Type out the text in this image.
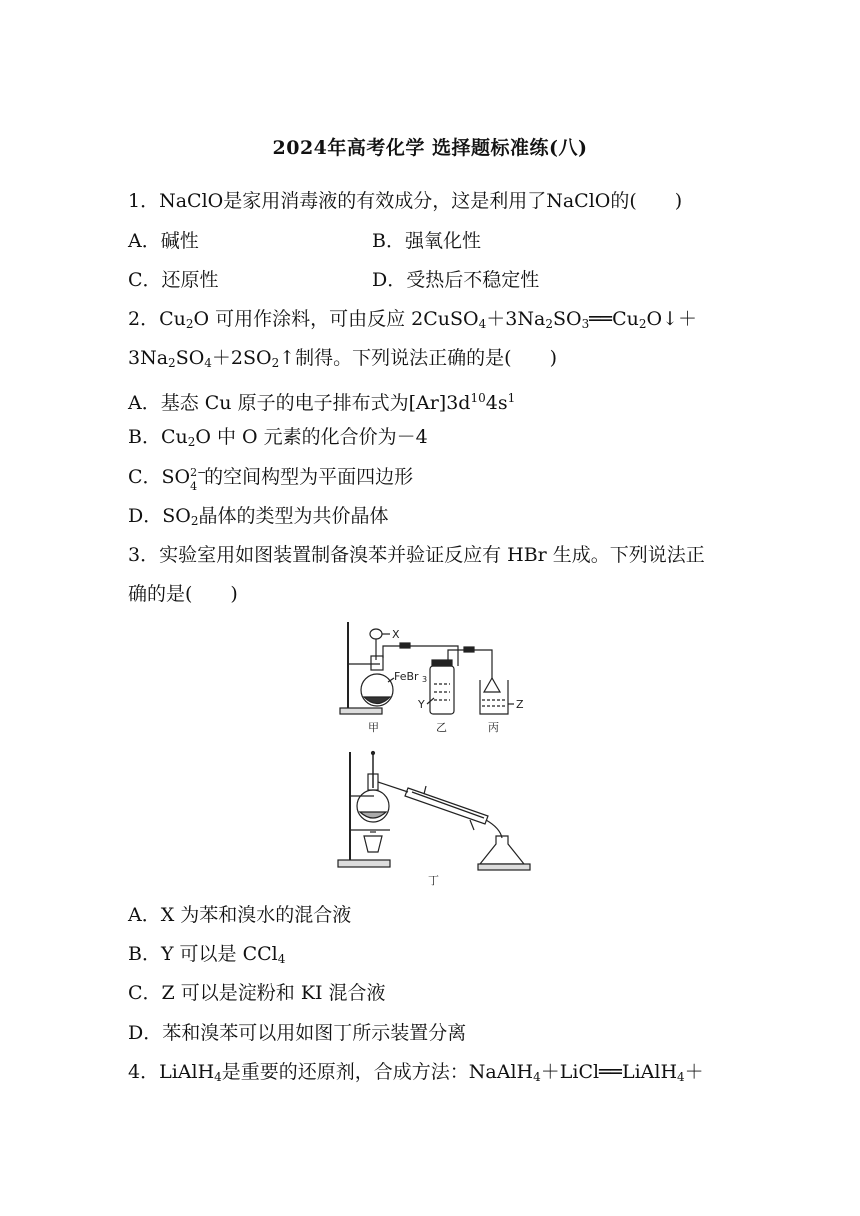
2024年高考化学 选择题标准练(八)
1．NaClO是家用消毒液的有效成分，这是利用了NaClO的(　　)
A．碱性	B．强氧化性
C．还原性	D．受热后不稳定性
2．$Cu_2O$ 可用作涂料，可由反应 $2CuSO_4+3Na_2SO_3══Cu_2O↓+$
$3Na_2SO_4+2SO_2↑$制得。下列说法正确的是(　　)
A．基态 Cu 原子的电子排布式为$[Ar]3d^{10}4s^1$
B．$Cu_2O$ 中 O 元素的化合价为－4
C．SO 2−
4 的空间构型为平面四边形
D．$SO_2$晶体的类型为共价晶体
3．实验室用如图装置制备溴苯并验证反应有 HBr 生成。下列说法正
确的是(　　)
X
FeBr 3
Y	Z
甲	乙	丙
丁
A．X 为苯和溴水的混合液
B．Y 可以是 CCl$_4$
C．Z 可以是淀粉和 KI 混合液
D．苯和溴苯可以用如图丁所示装置分离
4．LiAlH$_4$是重要的还原剂，合成方法：NaAlH$_4$＋LiCl══LiAlH$_4$＋
